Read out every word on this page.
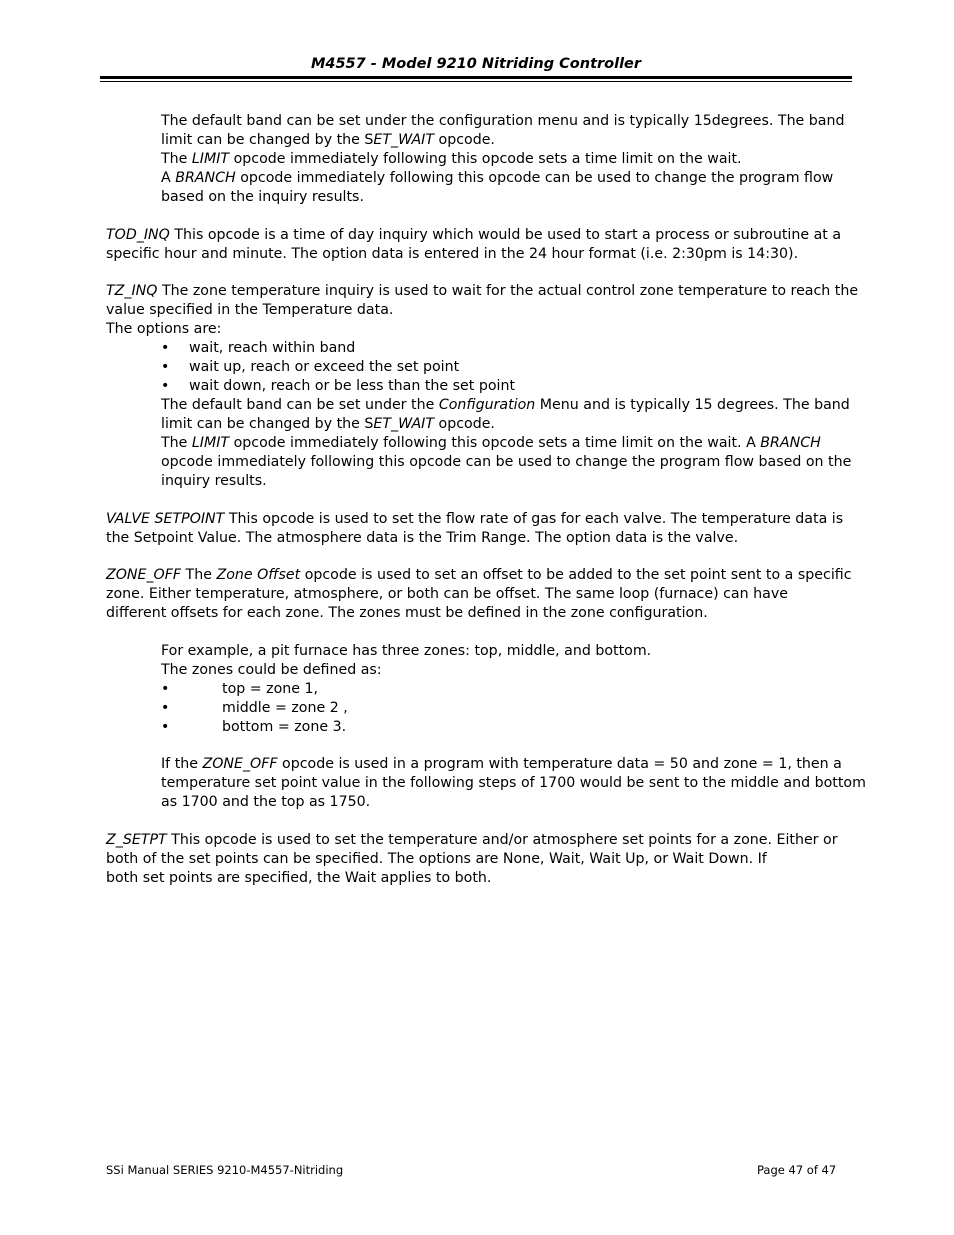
M4557 - Model 9210 Nitriding Controller
The default band can be set under the configuration menu and is typically 15degrees. The band
limit can be changed by the SET_WAIT opcode.
The LIMIT opcode immediately following this opcode sets a time limit on the wait.
A BRANCH opcode immediately following this opcode can be used to change the program flow
based on the inquiry results.
TOD_INQ This opcode is a time of day inquiry which would be used to start a process or subroutine at a
specific hour and minute. The option data is entered in the 24 hour format (i.e. 2:30pm is 14:30).
TZ_INQ The zone temperature inquiry is used to wait for the actual control zone temperature to reach the
value specified in the Temperature data.
The options are:
• wait, reach within band
• wait up, reach or exceed the set point
• wait down, reach or be less than the set point
The default band can be set under the Configuration Menu and is typically 15 degrees. The band
limit can be changed by the SET_WAIT opcode.
The LIMIT opcode immediately following this opcode sets a time limit on the wait. A BRANCH
opcode immediately following this opcode can be used to change the program flow based on the
inquiry results.
VALVE SETPOINT This opcode is used to set the flow rate of gas for each valve. The temperature data is
the Setpoint Value. The atmosphere data is the Trim Range. The option data is the valve.
ZONE_OFF The Zone Offset opcode is used to set an offset to be added to the set point sent to a specific
zone. Either temperature, atmosphere, or both can be offset. The same loop (furnace) can have
different offsets for each zone. The zones must be defined in the zone configuration.
For example, a pit furnace has three zones: top, middle, and bottom.
The zones could be defined as:
•	top = zone 1,
•	middle = zone 2 ,
•	bottom = zone 3.
If the ZONE_OFF opcode is used in a program with temperature data = 50 and zone = 1, then a
temperature set point value in the following steps of 1700 would be sent to the middle and bottom
as 1700 and the top as 1750.
Z_SETPT This opcode is used to set the temperature and/or atmosphere set points for a zone. Either or
both of the set points can be specified. The options are None, Wait, Wait Up, or Wait Down. If
both set points are specified, the Wait applies to both.
SSi Manual SERIES 9210-M4557-Nitriding	Page 47 of 47
